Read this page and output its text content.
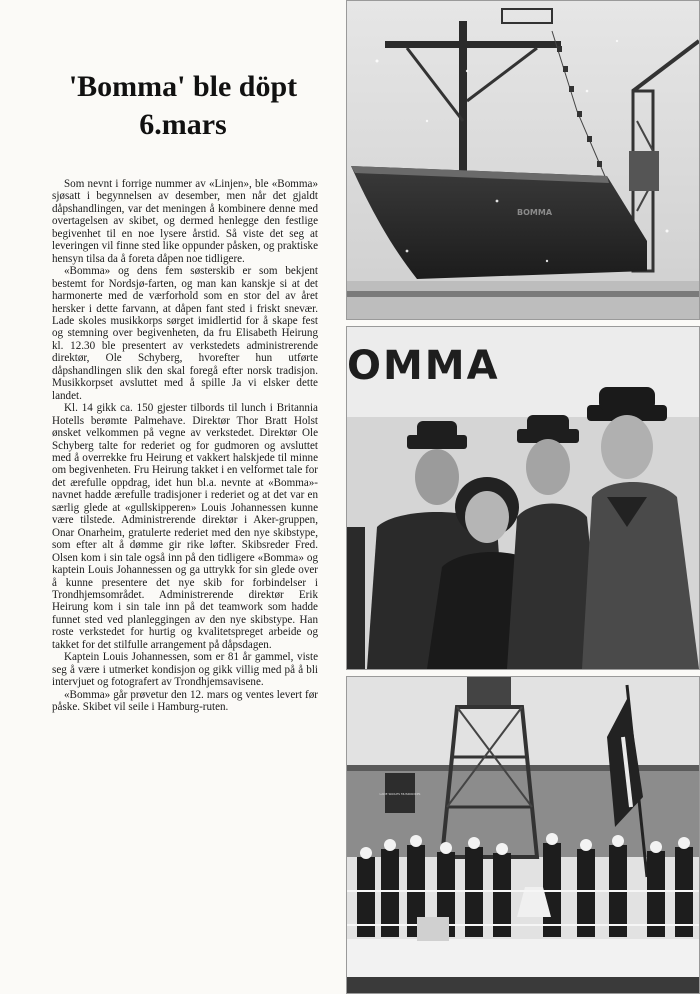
'Bomma' ble döpt
6.mars

Som nevnt i forrige nummer av «Linjen», ble «Bomma» sjøsatt i begynnelsen av desember, men når det gjaldt dåpshandlingen, var det meningen å kombinere denne med overtagelsen av skibet, og dermed henlegge den festlige begivenhet til en noe lysere årstid. Så viste det seg at leveringen vil finne sted like oppunder påsken, og praktiske hensyn tilsa da å foreta dåpen noe tidligere.

«Bomma» og dens fem søsterskib er som bekjent bestemt for Nordsjø-farten, og man kan kanskje si at det harmonerte med de værforhold som en stor del av året hersker i dette farvann, at dåpen fant sted i friskt snevær. Lade skoles musikkorps sørget imidlertid for å skape fest og stemning over begivenheten, da fru Elisabeth Heirung kl. 12.30 ble presentert av verkstedets administrerende direktør, Ole Schyberg, hvorefter hun utførte dåpshandlingen slik den skal foregå efter norsk tradisjon. Musikkorpset avsluttet med å spille Ja vi elsker dette landet.

Kl. 14 gikk ca. 150 gjester tilbords til lunch i Britannia Hotells berømte Palmehave. Direktør Thor Bratt Holst ønsket velkommen på vegne av verkstedet. Direktør Ole Schyberg talte for rederiet og for gudmoren og avsluttet med å overrekke fru Heirung et vakkert halskjede til minne om begivenheten. Fru Heirung takket i en velformet tale for det ærefulle oppdrag, idet hun bl.a. nevnte at «Bomma»-navnet hadde ærefulle tradisjoner i rederiet og at det var en særlig glede at «gullskipperen» Louis Johannessen kunne være tilstede. Administrerende direktør i Aker-gruppen, Onar Onarheim, gratulerte rederiet med den nye skibstype, som efter alt å dømme gir rike løfter. Skibsreder Fred. Olsen kom i sin tale også inn på den tidligere «Bomma» og kaptein Louis Johannessen og ga uttrykk for sin glede over å kunne presentere det nye skib for forbindelser i Trondhjemsområdet. Administrerende direktør Erik Heirung kom i sin tale inn på det teamwork som hadde funnet sted ved planleggingen av den nye skibstype. Han roste verkstedet for hurtig og kvalitetspreget arbeide og takket for det stilfulle arrangement på dåpsdagen.

Kaptein Louis Johannessen, som er 81 år gammel, viste seg å være i utmerket kondisjon og gikk villig med på å bli intervjuet og fotografert av Trondhjemsavisene.

«Bomma» går prøvetur den 12. mars og ventes levert før påske. Skibet vil seile i Hamburg-ruten.

BOMMA
OMMA
LADE SKOLES MUSIKKORPS
